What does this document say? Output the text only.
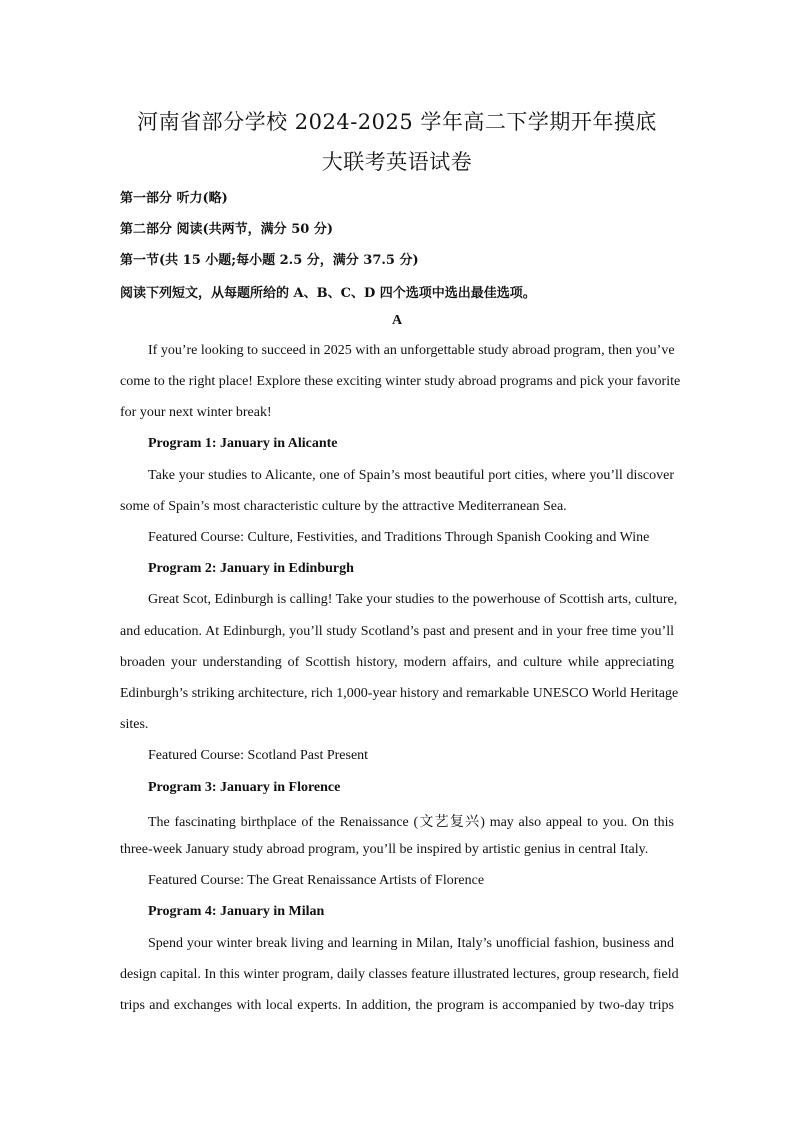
河南省部分学校 2024-2025 学年高二下学期开年摸底
大联考英语试卷
第一部分 听力(略)
第二部分 阅读(共两节，满分 50 分)
第一节(共 15 小题;每小题 2.5 分，满分 37.5 分)
阅读下列短文，从每题所给的 A、B、C、D 四个选项中选出最佳选项。
A
If you’re looking to succeed in 2025 with an unforgettable study abroad program, then you’ve
come to the right place! Explore these exciting winter study abroad programs and pick your favorite
for your next winter break!
Program 1: January in Alicante
Take your studies to Alicante, one of Spain’s most beautiful port cities, where you’ll discover
some of Spain’s most characteristic culture by the attractive Mediterranean Sea.
Featured Course: Culture, Festivities, and Traditions Through Spanish Cooking and Wine
Program 2: January in Edinburgh
Great Scot, Edinburgh is calling! Take your studies to the powerhouse of Scottish arts, culture,
and education. At Edinburgh, you’ll study Scotland’s past and present and in your free time you’ll
broaden your understanding of Scottish history, modern affairs, and culture while appreciating
Edinburgh’s striking architecture, rich 1,000-year history and remarkable UNESCO World Heritage
sites.
Featured Course: Scotland Past Present
Program 3: January in Florence
The fascinating birthplace of the Renaissance (文艺复兴) may also appeal to you. On this
three-week January study abroad program, you’ll be inspired by artistic genius in central Italy.
Featured Course: The Great Renaissance Artists of Florence
Program 4: January in Milan
Spend your winter break living and learning in Milan, Italy’s unofficial fashion, business and
design capital. In this winter program, daily classes feature illustrated lectures, group research, field
trips and exchanges with local experts. In addition, the program is accompanied by two-day trips
